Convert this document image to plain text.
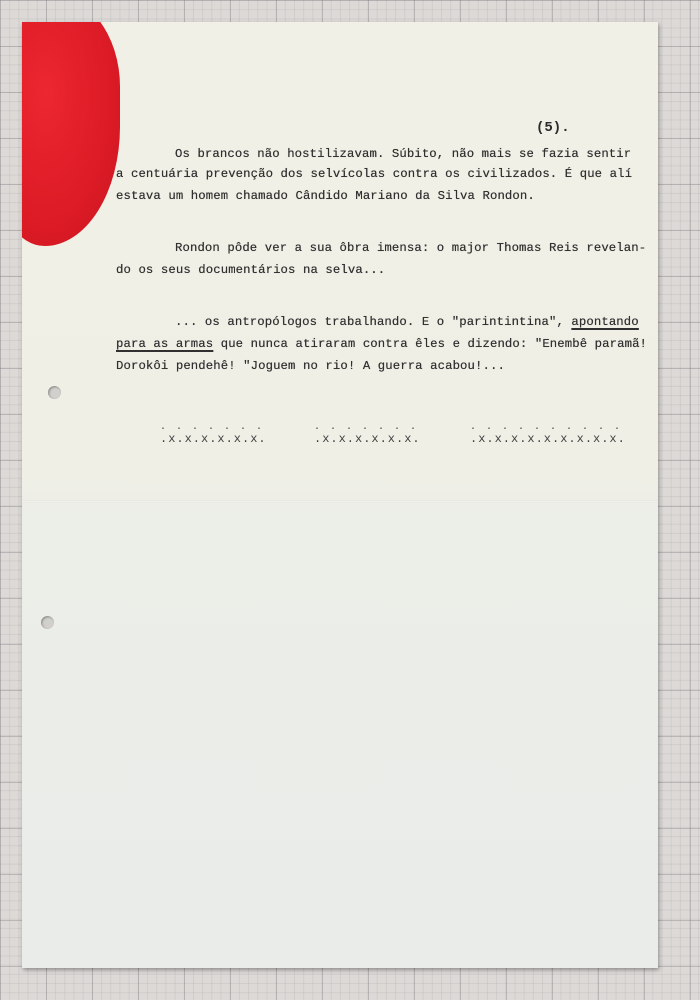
(5).
Os brancos não hostilizavam. Súbito, não mais se fazia sentir
a centuária prevenção dos selvícolas contra os civilizados. É que alí
estava um homem chamado Cândido Mariano da Silva Rondon.
Rondon pôde ver a sua ôbra imensa: o major Thomas Reis revelan-
do os seus documentários na selva...
... os antropólogos trabalhando. E o "parintintina", apontando
para as armas que nunca atiraram contra êles e dizendo: "Enembê paramã!
Dorokôi pendehê! "Joguem no rio! A guerra acabou!...
. . . . . . .
.x.x.x.x.x.x.
. . . . . . .
.x.x.x.x.x.x.
. . . . . . . . . .
.x.x.x.x.x.x.x.x.x.
